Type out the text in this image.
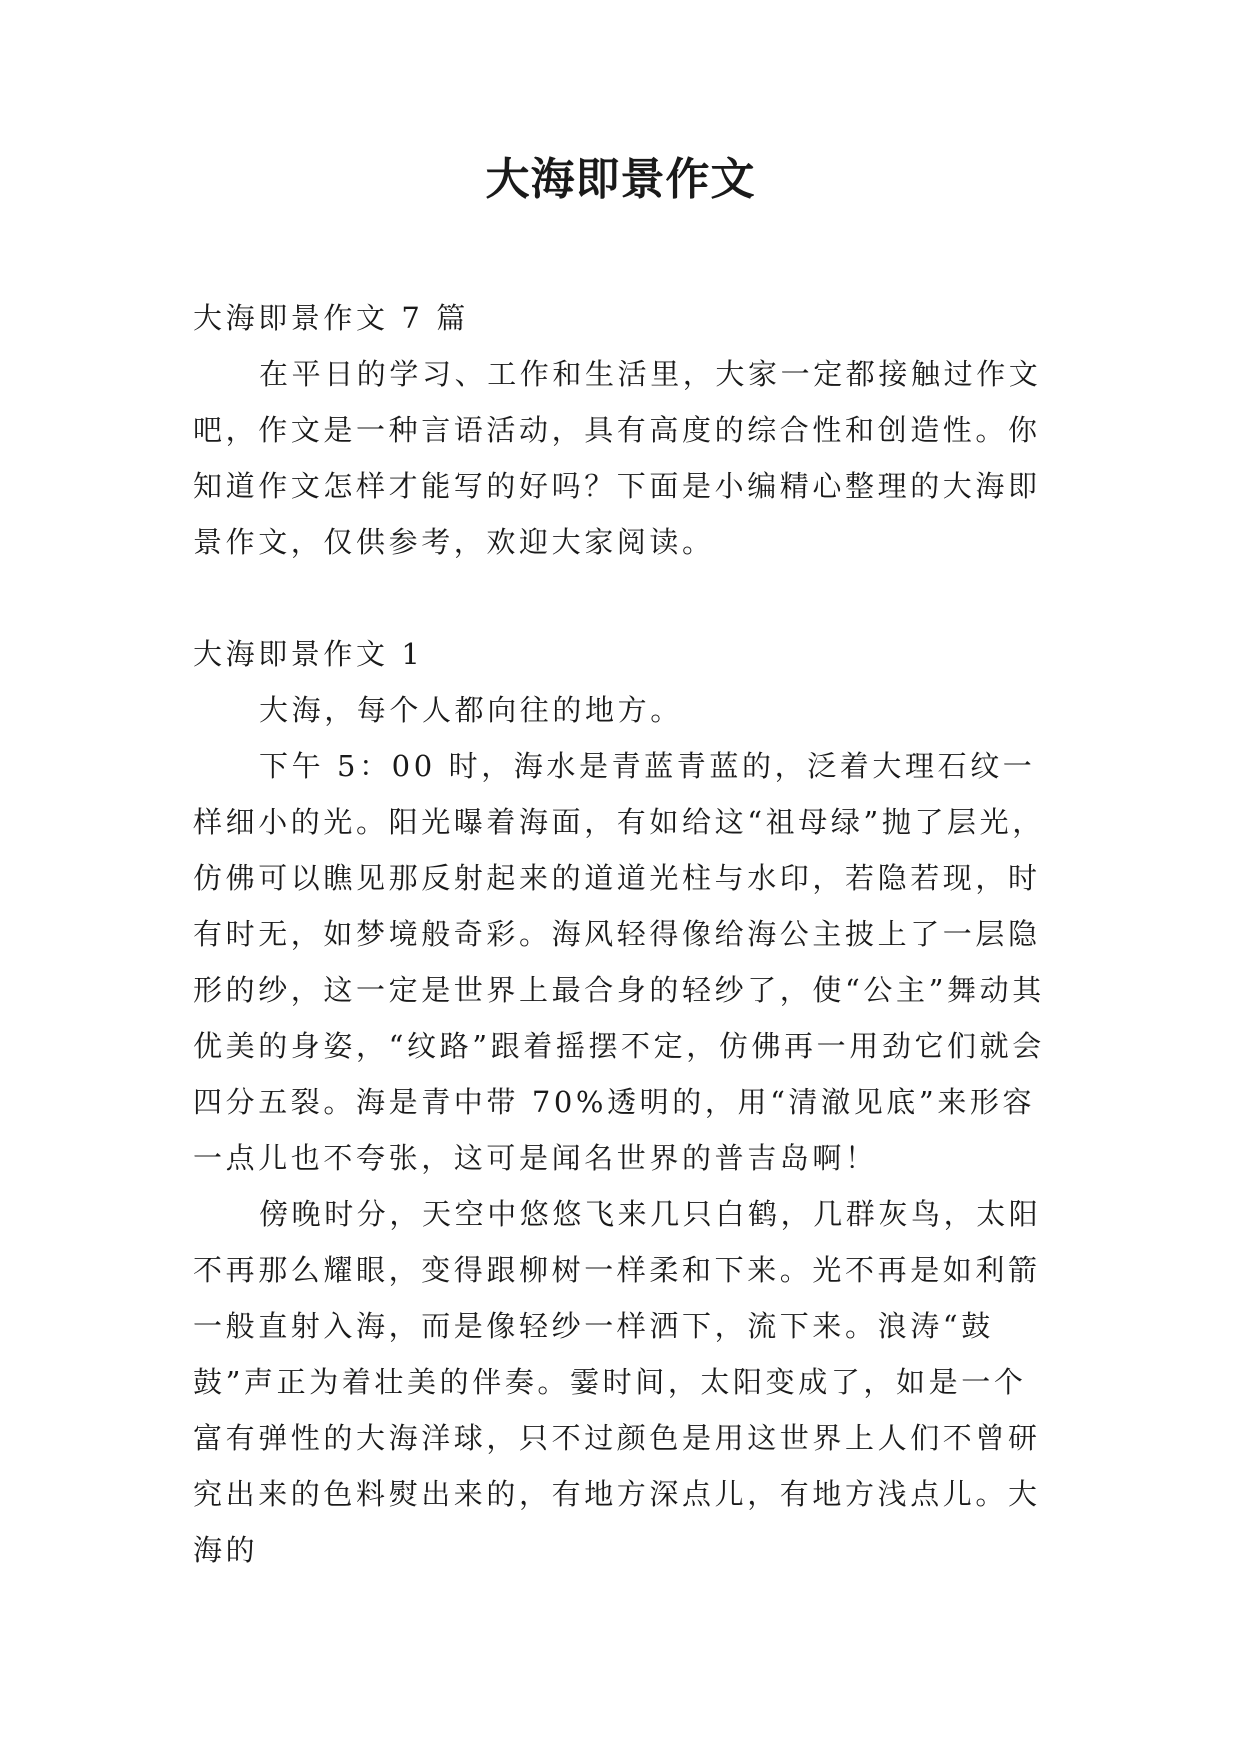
大海即景作文

大海即景作文 7 篇

在平日的学习、工作和生活里，大家一定都接触过作文吧，作文是一种言语活动，具有高度的综合性和创造性。你知道作文怎样才能写的好吗？下面是小编精心整理的大海即景作文，仅供参考，欢迎大家阅读。

大海即景作文 1

大海，每个人都向往的地方。

下午 5：00 时，海水是青蓝青蓝的，泛着大理石纹一样细小的光。阳光曝着海面，有如给这“祖母绿”抛了层光，仿佛可以瞧见那反射起来的道道光柱与水印，若隐若现，时有时无，如梦境般奇彩。海风轻得像给海公主披上了一层隐形的纱，这一定是世界上最合身的轻纱了，使“公主”舞动其优美的身姿，“纹路”跟着摇摆不定，仿佛再一用劲它们就会四分五裂。海是青中带 70%透明的，用“清澈见底”来形容一点儿也不夸张，这可是闻名世界的普吉岛啊！

傍晚时分，天空中悠悠飞来几只白鹤，几群灰鸟，太阳不再那么耀眼，变得跟柳树一样柔和下来。光不再是如利箭一般直射入海，而是像轻纱一样洒下，流下来。浪涛“鼓鼓”声正为着壮美的伴奏。霎时间，太阳变成了，如是一个富有弹性的大海洋球，只不过颜色是用这世界上人们不曾研究出来的色料熨出来的，有地方深点儿，有地方浅点儿。大海的
